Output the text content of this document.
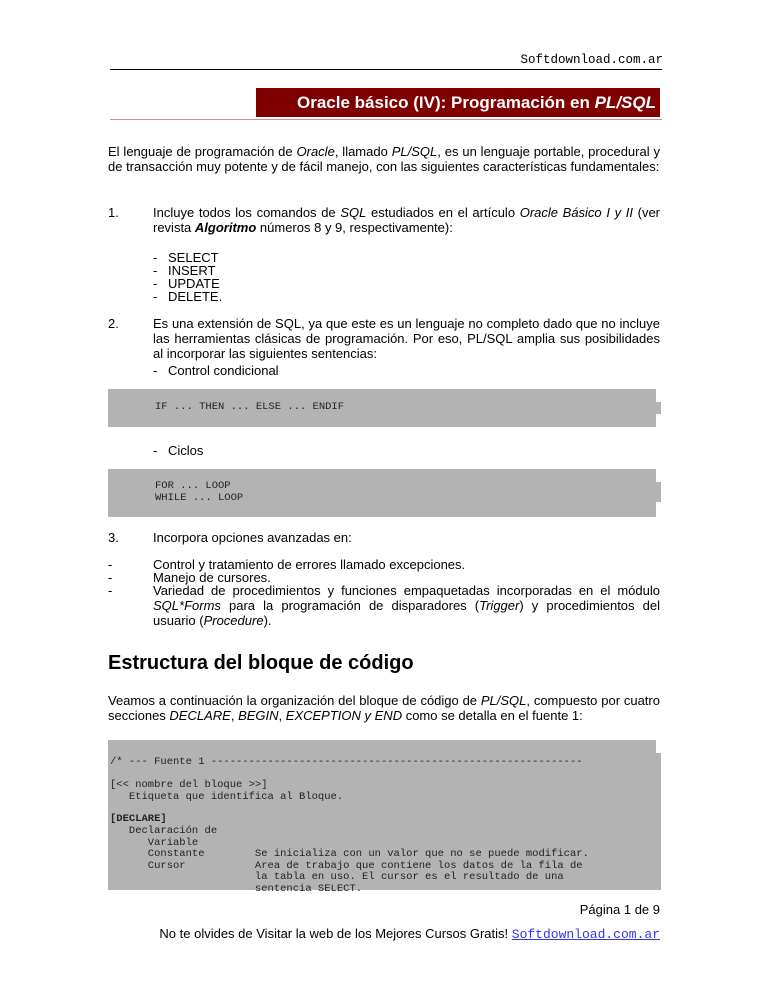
Softdownload.com.ar
Oracle básico (IV): Programación en PL/SQL
El lenguaje de programación de Oracle, llamado PL/SQL, es un lenguaje portable, procedural y de transacción muy potente y de fácil manejo, con las siguientes características fundamentales:
1.	Incluye todos los comandos de SQL estudiados en el artículo Oracle Básico I y II (ver revista Algoritmo números 8 y 9, respectivamente):
- SELECT
- INSERT
- UPDATE
- DELETE.
2.	Es una extensión de SQL, ya que este es un lenguaje no completo dado que no incluye las herramientas clásicas de programación. Por eso, PL/SQL amplia sus posibilidades al incorporar las siguientes sentencias:
- Control condicional
IF ... THEN ... ELSE ... ENDIF
- Ciclos
FOR ... LOOP
WHILE ... LOOP
3.	Incorpora opciones avanzadas en:
-	Control y tratamiento de errores llamado excepciones.
-	Manejo de cursores.
-	Variedad de procedimientos y funciones empaquetadas incorporadas en el módulo SQL*Forms para la programación de disparadores (Trigger) y procedimientos del usuario (Procedure).
Estructura del bloque de código
Veamos a continuación la organización del bloque de código de PL/SQL, compuesto por cuatro secciones DECLARE, BEGIN, EXCEPTION y END como se detalla en el fuente 1:
/* --- Fuente 1 -----------------------------------------------------------
[<< nombre del bloque >>]
Etiqueta que identifica al Bloque.
[DECLARE]
Declaración de
Variable
Constante        Se inicializa con un valor que no se puede modificar.
Cursor           Area de trabajo que contiene los datos de la fila de
la tabla en uso. El cursor es el resultado de una
sentencia SELECT.
Página 1 de 9
No te olvides de Visitar la web de los Mejores Cursos Gratis! Softdownload.com.ar
